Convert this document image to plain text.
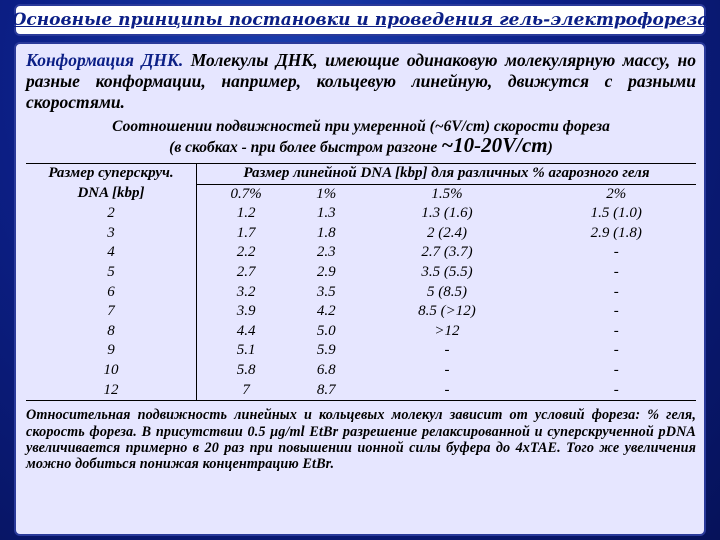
Основные принципы постановки и проведения гель-электрофореза

Конформация ДНК. Молекулы ДНК, имеющие одинаковую молекулярную массу, но разные конформации, например, кольцевую линейную, движутся с разными скоростями.

Соотношении подвижностей при умеренной (~6V/cm) скорости фореза
(в скобках - при более быстром разгоне ~10-20V/cm)
Размер суперскруч.	Размер линейной DNA [kbp] для различных % агарозного геля			
DNA [kbp]	0.7%	1%	1.5%	2%
2	1.2	1.3	1.3 (1.6)	1.5 (1.0)
3	1.7	1.8	2 (2.4)	2.9 (1.8)
4	2.2	2.3	2.7 (3.7)	-
5	2.7	2.9	3.5 (5.5)	-
6	3.2	3.5	5 (8.5)	-
7	3.9	4.2	8.5 (>12)	-
8	4.4	5.0	>12	-
9	5.1	5.9	-	-
10	5.8	6.8	-	-
12	7	8.7	-	-
Относительная подвижность линейных и кольцевых молекул зависит от условий фореза: % геля, скорость фореза. В присутствии 0.5 μg/ml EtBr разрешение релаксированной и суперскрученной pDNA увеличивается примерно в 20 раз при повышении ионной силы буфера до 4xTAE. Того же увеличения можно добиться понижая концентрацию EtBr.
